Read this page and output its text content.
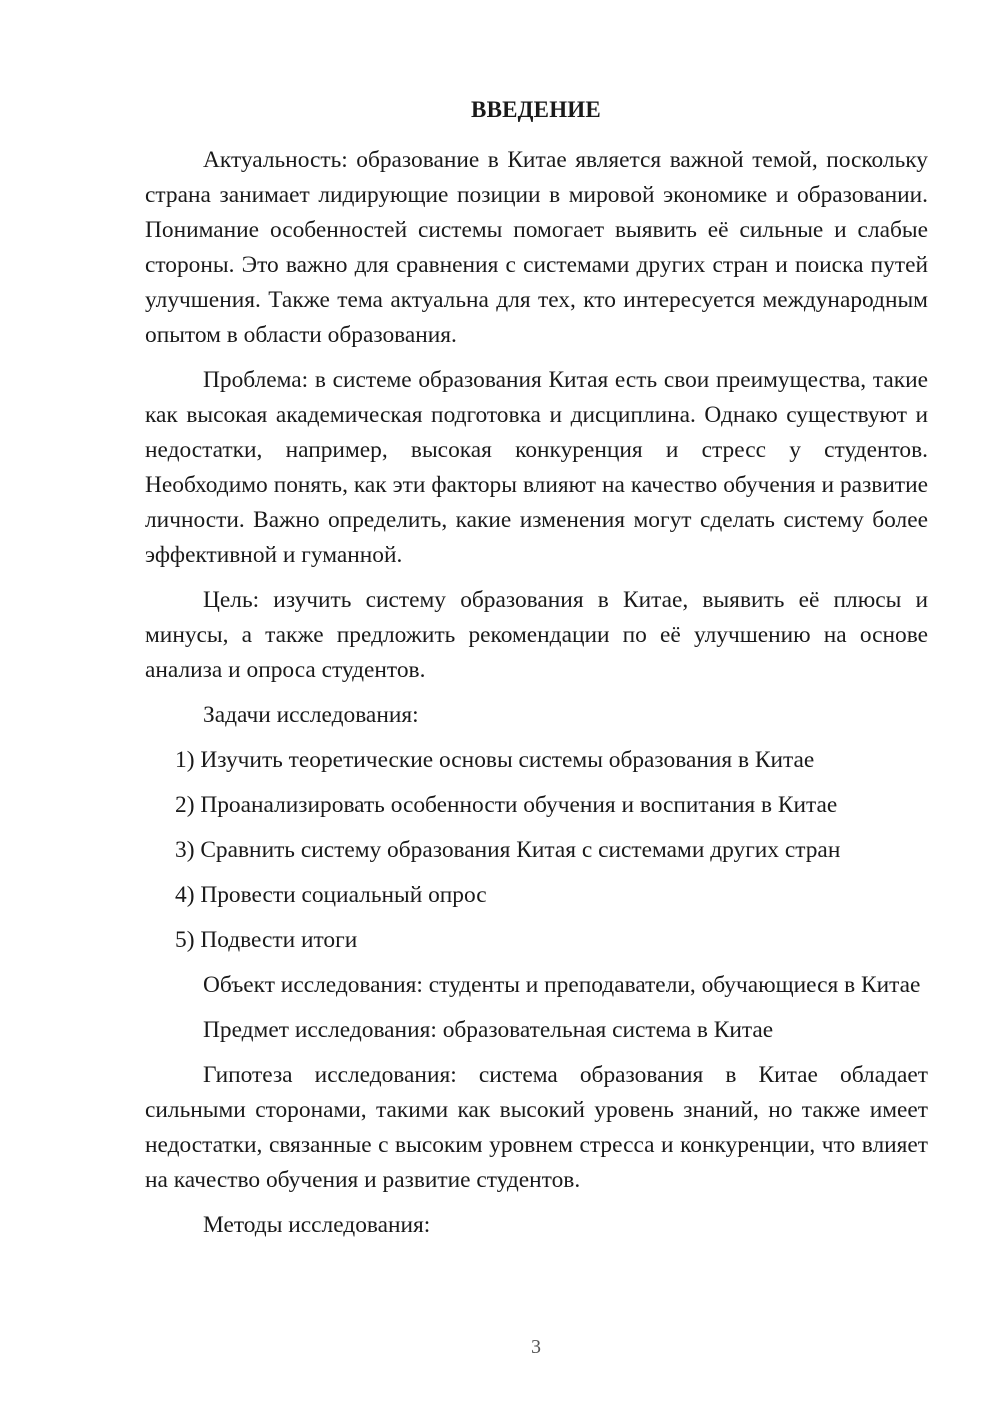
ВВЕДЕНИЕ

Актуальность: образование в Китае является важной темой, поскольку страна занимает лидирующие позиции в мировой экономике и образовании. Понимание особенностей системы помогает выявить её сильные и слабые стороны. Это важно для сравнения с системами других стран и поиска путей улучшения. Также тема актуальна для тех, кто интересуется международным опытом в области образования.

Проблема: в системе образования Китая есть свои преимущества, такие как высокая академическая подготовка и дисциплина. Однако существуют и недостатки, например, высокая конкуренция и стресс у студентов. Необходимо понять, как эти факторы влияют на качество обучения и развитие личности. Важно определить, какие изменения могут сделать систему более эффективной и гуманной.

Цель: изучить систему образования в Китае, выявить её плюсы и минусы, а также предложить рекомендации по её улучшению на основе анализа и опроса студентов.

Задачи исследования:

1) Изучить теоретические основы системы образования в Китае

2) Проанализировать особенности обучения и воспитания в Китае

3) Сравнить систему образования Китая с системами других стран

4) Провести социальный опрос

5) Подвести итоги

Объект исследования: студенты и преподаватели, обучающиеся в Китае

Предмет исследования: образовательная система в Китае

Гипотеза исследования: система образования в Китае обладает сильными сторонами, такими как высокий уровень знаний, но также имеет недостатки, связанные с высоким уровнем стресса и конкуренции, что влияет на качество обучения и развитие студентов.

Методы исследования:

3
